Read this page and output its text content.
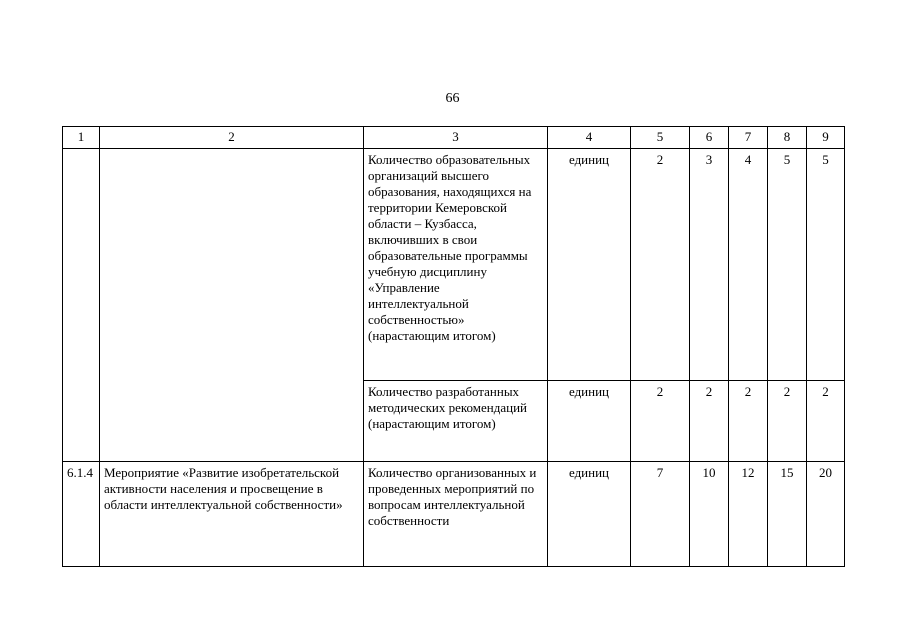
66
1	2	3	4	5	6	7	8	9
		Количество образовательных организаций высшего образования, находящихся на территории Кемеровской области – Кузбасса, включивших в свои образовательные программы учебную дисциплину «Управление интеллектуальной собственностью» (нарастающим итогом)	единиц	2	3	4	5	5
		Количество разработанных методических рекомендаций (нарастающим итогом)	единиц	2	2	2	2	2
6.1.4	Мероприятие «Развитие изобретательской активности населения и просвещение в области интеллектуальной собственности»	Количество организованных и проведенных мероприятий по вопросам интеллектуальной собственности	единиц	7	10	12	15	20
